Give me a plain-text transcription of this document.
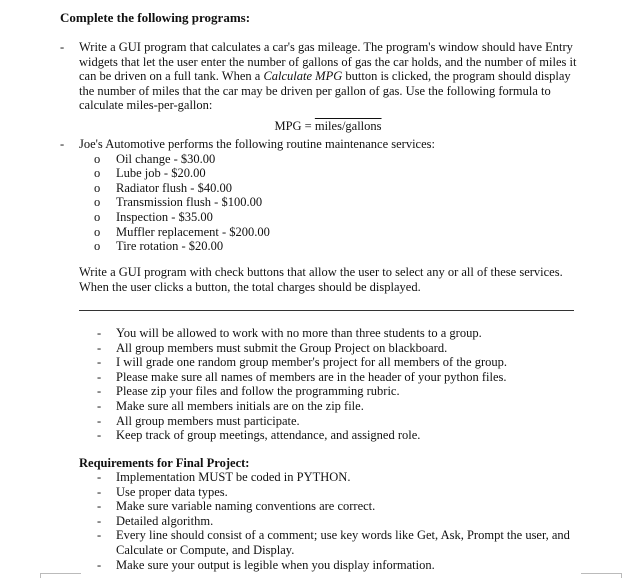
Complete the following programs:
- Write a GUI program that calculates a car's gas mileage. The program's window should have Entry widgets that let the user enter the number of gallons of gas the car holds, and the number of miles it can be driven on a full tank. When a Calculate MPG button is clicked, the program should display the number of miles that the car may be driven per gallon of gas. Use the following formula to calculate miles-per-gallon:

MPG = miles/gallons
- Joe's Automotive performs the following routine maintenance services:
o Oil change - $30.00
o Lube job - $20.00
o Radiator flush - $40.00
o Transmission flush - $100.00
o Inspection - $35.00
o Muffler replacement - $200.00
o Tire rotation - $20.00
Write a GUI program with check buttons that allow the user to select any or all of these services. When the user clicks a button, the total charges should be displayed.
- You will be allowed to work with no more than three students to a group.
- All group members must submit the Group Project on blackboard.
- I will grade one random group member's project for all members of the group.
- Please make sure all names of members are in the header of your python files.
- Please zip your files and follow the programming rubric.
- Make sure all members initials are on the zip file.
- All group members must participate.
- Keep track of group meetings, attendance, and assigned role.
Requirements for Final Project:
- Implementation MUST be coded in PYTHON.
- Use proper data types.
- Make sure variable naming conventions are correct.
- Detailed algorithm.
- Every line should consist of a comment; use key words like Get, Ask, Prompt the user, and Calculate or Compute, and Display.
- Make sure your output is legible when you display information.
